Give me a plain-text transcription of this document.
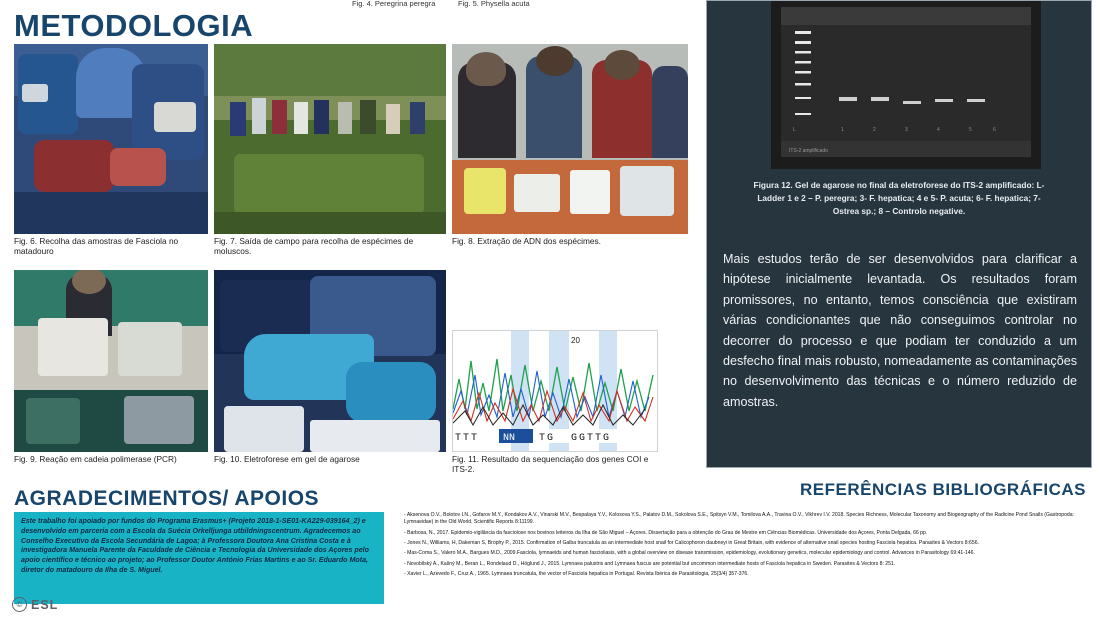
Fig. 4. Peregrina peregra	Fig. 5. Physella acuta
METODOLOGIA
AGRADECIMENTOS/ APOIOS	REFERÊNCIAS BIBLIOGRÁFICAS
Fig. 6. Recolha das amostras de Fasciola no matadouro
Fig. 7. Saída de campo para recolha de espécimes de moluscos.
Fig. 8. Extração de ADN dos espécimes.
Fig. 9. Reação em cadeia polimerase (PCR)	Fig. 10. Eletroforese em gel de agarose
20
TTT NN TG GGTTG
Fig. 11. Resultado da sequenciação dos genes COI e ITS-2.
L	1	2	3	4	5	6
ITS-2 amplificado
Figura 12. Gel de agarose no final da eletroforese do ITS-2 amplificado: L- Ladder 1 e 2 – P. peregra; 3- F. hepatica; 4 e 5- P. acuta; 6- F. hepatica; 7- Ostrea sp.; 8 – Controlo negative.
Mais estudos terão de ser desenvolvidos para clarificar a hipótese inicialmente levantada. Os resultados foram promissores, no entanto, temos consciência que existiram várias condicionantes que não conseguimos controlar no decorrer do processo e que podiam ter conduzido a um desfecho final mais robusto, nomeadamente as contaminações no desenvolvimento das técnicas e o número reduzido de amostras.
Este trabalho foi apoiado por fundos do Programa Erasmus+ (Projeto 2018-1-SE01-KA229-039164_2) e desenvolvido em parceria com a Escola da Suécia Orkelljunga utbildningscentrum. Agradecemos ao Conselho Executivo da Escola Secundária de Lagoa; à Professora Doutora Ana Cristina Costa e à investigadora Manuela Parente da Faculdade de Ciência e Tecnologia da Universidade dos Açores pelo apoio científico e técnico ao projeto; ao Professor Doutor António Frias Martins e ao Sr. Eduardo Mota, diretor do matadouro da Ilha de S. Miguel.

- Aksenova O.V., Bolotov I.N., Gofarov M.Y., Kondakov A.V., Vinarski M.V., Bespalaya Y.V., Kolosova Y.S., Palatov D.M., Sokolova S.E., Spitsyn V.M., Tomilova A.A., Travina O.V., Vikhrev I.V. 2018. Species Richness, Molecular Taxonomy and Biogeography of the Radicine Pond Snails (Gastropoda: Lymnaeidae) in the Old World. Scientific Reports 8:11199.

- Barbosa, N., 2017. Epidemio-vigilância da fasciolose nos bovinos leiteiros da Ilha de São Miguel – Açores. Dissertação para a obtenção do Grau de Mestre em Ciências Biomédicas. Universidade dos Açores, Ponta Delgada, 66 pp.

- Jones N., Williams, H, Dakeman S, Brophy P., 2015. Confirmation of Galba truncatula as an intermediate host snail for Calicophoron daubneyi in Great Britain, with evidence of alternative snail species hosting Fasciola hepatica. Parasites & Vectors 8:656.

- Mas-Coma S., Valero M.A., Bargues M.D., 2009.Fasciola, lymnaeids and human fascioliasis, with a global overview on disease transmission, epidemiology, evolutionary genetics, molecular epidemiology and control. Advances in Parasitology 69:41-146.

- Novobilský A., Kašný M., Beran L., Rondelaud D., Höglund J., 2015. Lymnaea palustris and Lymnaea fuscus are potential but uncommon intermediate hosts of Fasciola hepatica in Sweden. Parasites & Vectors 8: 251.

- Xavier L., Azevedo F., Cruz A., 1965. Lymnaea truncatula, the vector of Fasciola hepatica in Portugal. Revista Ibérica de Parasitologia, 25(3/4) 357-376.

© ESL
